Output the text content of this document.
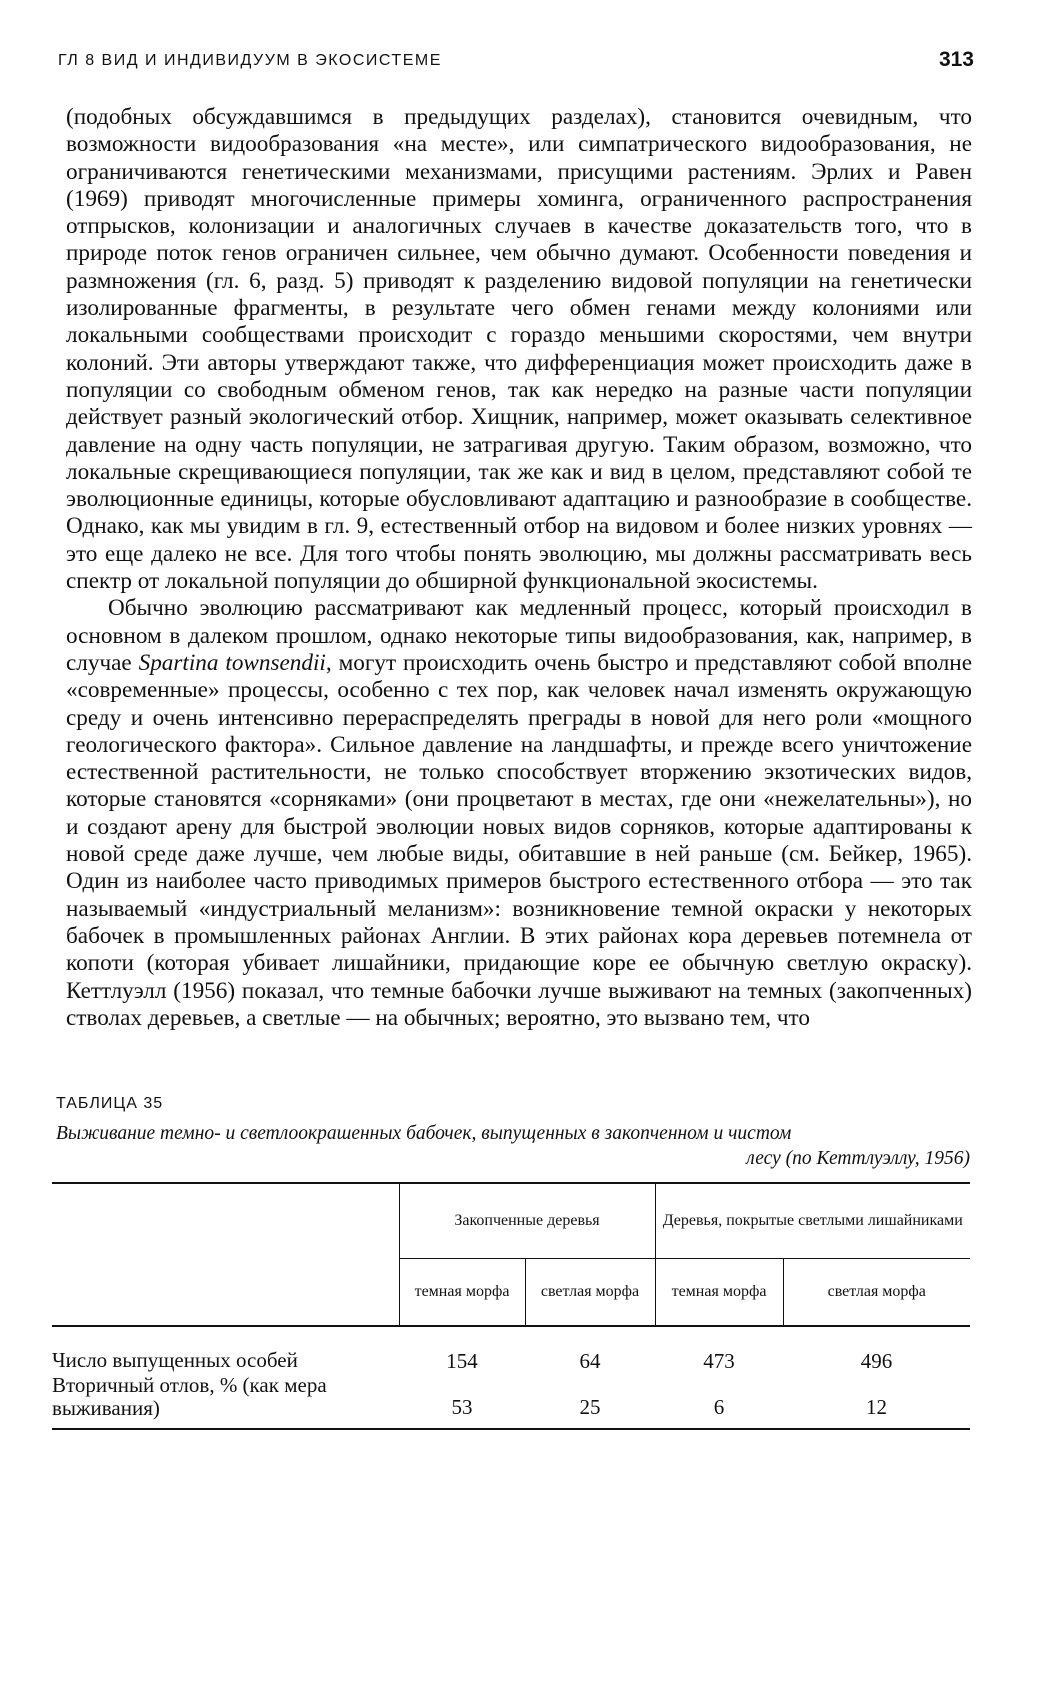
ГЛ 8 ВИД И ИНДИВИДУУМ В ЭКОСИСТЕМЕ	313

(подобных обсуждавшимся в предыдущих разделах), становится очевидным, что возможности видообразования «на месте», или симпатрического видообразования, не ограничиваются генетическими механизмами, присущими растениям. Эрлих и Равен (1969) приводят многочисленные примеры хоминга, ограниченного распространения отпрысков, колонизации и аналогичных случаев в качестве доказательств того, что в природе поток генов ограничен сильнее, чем обычно думают. Особенности поведения и размножения (гл. 6, разд. 5) приводят к разделению видовой популяции на генетически изолированные фрагменты, в результате чего обмен генами между колониями или локальными сообществами происходит с гораздо меньшими скоростями, чем внутри колоний. Эти авторы утверждают также, что дифференциация может происходить даже в популяции со свободным обменом генов, так как нередко на разные части популяции действует разный экологический отбор. Хищник, например, может оказывать селективное давление на одну часть популяции, не затрагивая другую. Таким образом, возможно, что локальные скрещивающиеся популяции, так же как и вид в целом, представляют собой те эволюционные единицы, которые обусловливают адаптацию и разнообразие в сообществе. Однако, как мы увидим в гл. 9, естественный отбор на видовом и более низких уровнях — это еще далеко не все. Для того чтобы понять эволюцию, мы должны рассматривать весь спектр от локальной популяции до обширной функциональной экосистемы.

Обычно эволюцию рассматривают как медленный процесс, который происходил в основном в далеком прошлом, однако некоторые типы видообразования, как, например, в случае Spartina townsendii, могут происходить очень быстро и представляют собой вполне «современные» процессы, особенно с тех пор, как человек начал изменять окружающую среду и очень интенсивно перераспределять преграды в новой для него роли «мощного геологического фактора». Сильное давление на ландшафты, и прежде всего уничтожение естественной растительности, не только способствует вторжению экзотических видов, которые становятся «сорняками» (они процветают в местах, где они «нежелательны»), но и создают арену для быстрой эволюции новых видов сорняков, которые адаптированы к новой среде даже лучше, чем любые виды, обитавшие в ней раньше (см. Бейкер, 1965). Один из наиболее часто приводимых примеров быстрого естественного отбора — это так называемый «индустриальный меланизм»: возникновение темной окраски у некоторых бабочек в промышленных районах Англии. В этих районах кора деревьев потемнела от копоти (которая убивает лишайники, придающие коре ее обычную светлую окраску). Кеттлуэлл (1956) показал, что темные бабочки лучше выживают на темных (закопченных) стволах деревьев, а светлые — на обычных; вероятно, это вызвано тем, что

ТАБЛИЦА 35
Выживание темно- и светлоокрашенных бабочек, выпущенных в закопченном и чистом
лесу (по Кеттлуэллу, 1956)
	Закопченные деревья		Деревья, покрытые светлыми лишайниками	
	темная морфа	светлая морфа	темная морфа	светлая морфа
Число выпущенных особей	154	64	473	496
Вторичный отлов, % (как мера выживания)	53	25	6	12
